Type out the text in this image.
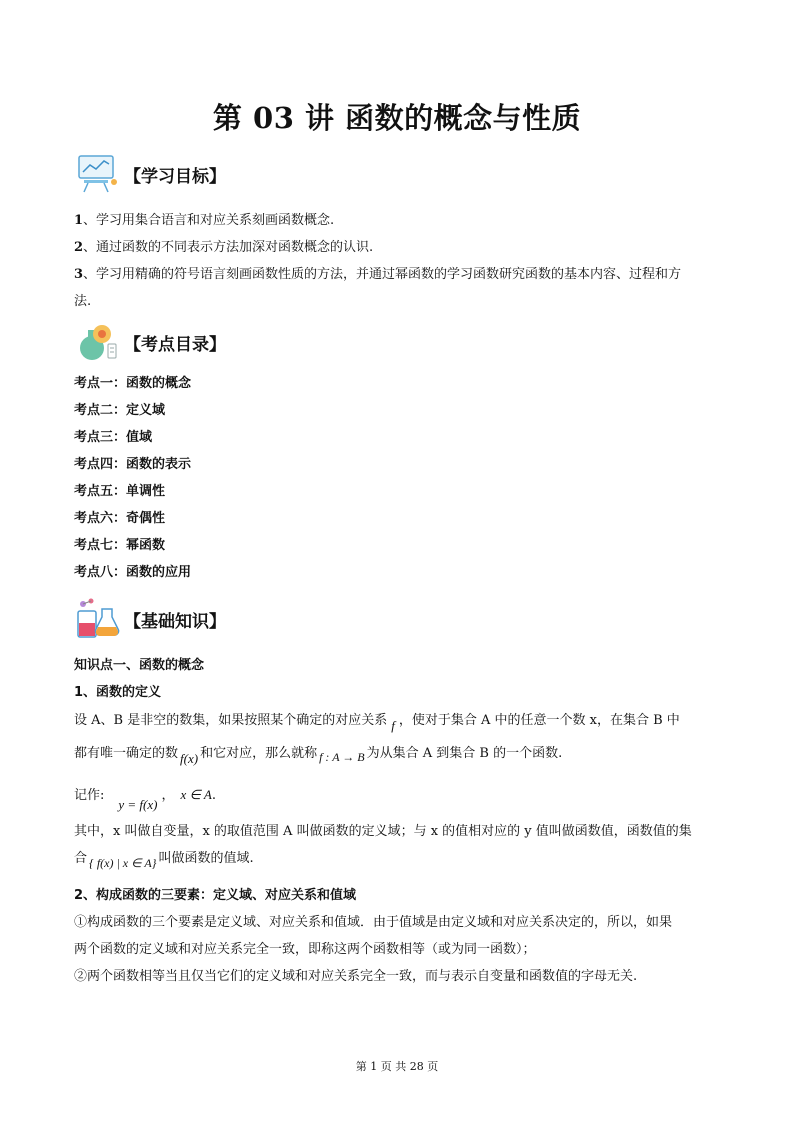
第 03 讲 函数的概念与性质
【学习目标】
1、学习用集合语言和对应关系刻画函数概念.
2、通过函数的不同表示方法加深对函数概念的认识.
3、学习用精确的符号语言刻画函数性质的方法，并通过幂函数的学习函数研究函数的基本内容、过程和方
法.
【考点目录】
考点一：函数的概念
考点二：定义域
考点三：值域
考点四：函数的表示
考点五：单调性
考点六：奇偶性
考点七：幂函数
考点八：函数的应用
【基础知识】
知识点一、函数的概念
1、函数的定义
设 A、B 是非空的数集，如果按照某个确定的对应关系 f ，使对于集合 A 中的任意一个数 x，在集合 B 中
都有唯一确定的数 f(x) 和它对应，那么就称 f : A → B 为从集合 A 到集合 B 的一个函数.
记作:y = f(x)， x ∈ A.
其中，x 叫做自变量，x 的取值范围 A 叫做函数的定义域；与 x 的值相对应的 y 值叫做函数值，函数值的集
合 { f(x) | x ∈ A} 叫做函数的值域.
2、构成函数的三要素：定义域、对应关系和值域
①构成函数的三个要素是定义域、对应关系和值域．由于值域是由定义域和对应关系决定的，所以，如果
两个函数的定义域和对应关系完全一致，即称这两个函数相等（或为同一函数）；
②两个函数相等当且仅当它们的定义域和对应关系完全一致，而与表示自变量和函数值的字母无关.
第 1 页 共 28 页
